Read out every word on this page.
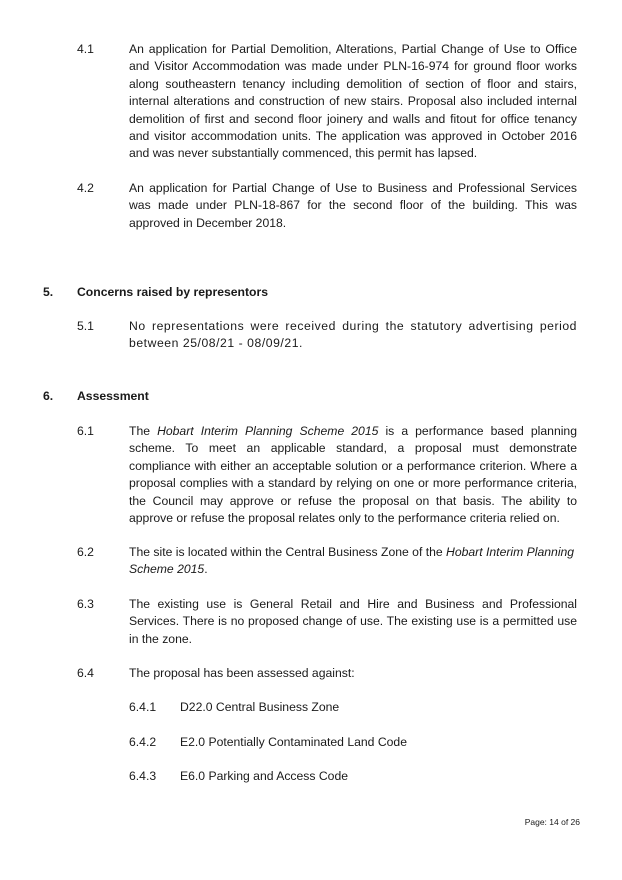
4.1	An application for Partial Demolition, Alterations, Partial Change of Use to Office and Visitor Accommodation was made under PLN-16-974 for ground floor works along southeastern tenancy including demolition of section of floor and stairs, internal alterations and construction of new stairs. Proposal also included internal demolition of first and second floor joinery and walls and fitout for office tenancy and visitor accommodation units. The application was approved in October 2016 and was never substantially commenced, this permit has lapsed.
4.2	An application for Partial Change of Use to Business and Professional Services was made under PLN-18-867 for the second floor of the building. This was approved in December 2018.
5. Concerns raised by representors
5.1	No representations were received during the statutory advertising period between 25/08/21 - 08/09/21.
6. Assessment
6.1	The Hobart Interim Planning Scheme 2015 is a performance based planning scheme. To meet an applicable standard, a proposal must demonstrate compliance with either an acceptable solution or a performance criterion. Where a proposal complies with a standard by relying on one or more performance criteria, the Council may approve or refuse the proposal on that basis. The ability to approve or refuse the proposal relates only to the performance criteria relied on.
6.2	The site is located within the Central Business Zone of the Hobart Interim Planning Scheme 2015.
6.3	The existing use is General Retail and Hire and Business and Professional Services. There is no proposed change of use. The existing use is a permitted use in the zone.
6.4	The proposal has been assessed against:
6.4.1 D22.0 Central Business Zone
6.4.2 E2.0 Potentially Contaminated Land Code
6.4.3 E6.0 Parking and Access Code
Page: 14 of 26
